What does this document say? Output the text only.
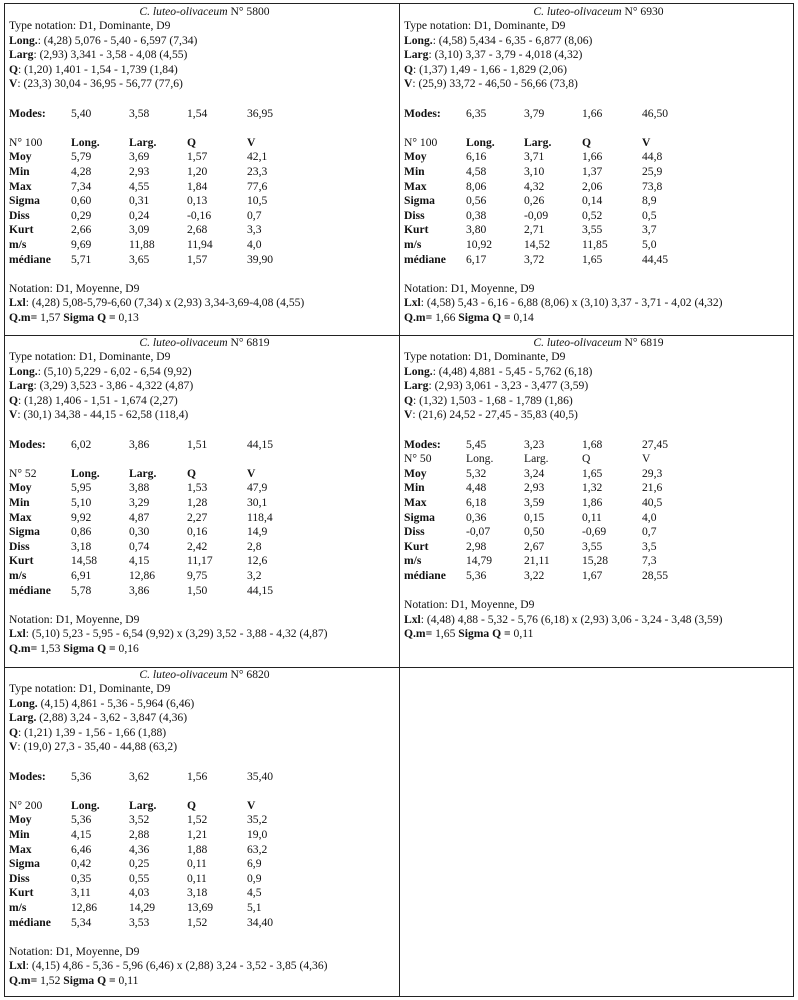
C. luteo-olivaceum N° 5800
Type notation: D1, Dominante, D9
Long.: (4,28) 5,076 - 5,40 - 6,597 (7,34)
Larg: (2,93) 3,341 - 3,58 - 4,08 (4,55)
Q: (1,20) 1,401 - 1,54 - 1,739 (1,84)
V: (23,3) 30,04 - 36,95 - 56,77 (77,6)
Modes: 5,40	3,58	1,54	36,95
N° 100 Long.	Larg.	Q	V
Moy	5,79	3,69	1,57	42,1
Min	4,28	2,93	1,20	23,3
Max	7,34	4,55	1,84	77,6
Sigma	0,60	0,31	0,13	10,5
Diss	0,29	0,24	-0,16	0,7
Kurt	2,66	3,09	2,68	3,3
m/s	9,69	11,88	11,94	4,0
médiane 5,71	3,65	1,57	39,90
Notation: D1, Moyenne, D9
Lxl: (4,28) 5,08-5,79-6,60 (7,34) x (2,93) 3,34-3,69-4,08 (4,55)
Q.m= 1,57 Sigma Q = 0,13
C. luteo-olivaceum N° 6930
Type notation: D1, Dominante, D9
Long.: (4,58) 5,434 - 6,35 - 6,877 (8,06)
Larg: (3,10) 3,37 - 3,79 - 4,018 (4,32)
Q: (1,37) 1,49 - 1,66 - 1,829 (2,06)
V: (25,9) 33,72 - 46,50 - 56,66 (73,8)
Modes: 6,35	3,79	1,66	46,50
N° 100 Long.	Larg.	Q	V
Moy	6,16	3,71	1,66	44,8
Min	4,58	3,10	1,37	25,9
Max	8,06	4,32	2,06	73,8
Sigma	0,56	0,26	0,14	8,9
Diss	0,38	-0,09	0,52	0,5
Kurt	3,80	2,71	3,55	3,7
m/s	10,92	14,52	11,85	5,0
médiane 6,17	3,72	1,65	44,45
Notation: D1, Moyenne, D9
Lxl: (4,58) 5,43 - 6,16 - 6,88 (8,06) x (3,10) 3,37 - 3,71 - 4,02 (4,32)
Q.m= 1,66 Sigma Q = 0,14
C. luteo-olivaceum N° 6819
Type notation: D1, Dominante, D9
Long.: (5,10) 5,229 - 6,02 - 6,54 (9,92)
Larg: (3,29) 3,523 - 3,86 - 4,322 (4,87)
Q: (1,28) 1,406 - 1,51 - 1,674 (2,27)
V: (30,1) 34,38 - 44,15 - 62,58 (118,4)
Modes: 6,02	3,86	1,51	44,15
N° 52	Long.	Larg.	Q	V
Moy	5,95	3,88	1,53	47,9
Min	5,10	3,29	1,28	30,1
Max	9,92	4,87	2,27	118,4
Sigma	0,86	0,30	0,16	14,9
Diss	3,18	0,74	2,42	2,8
Kurt	14,58	4,15	11,17	12,6
m/s	6,91	12,86	9,75	3,2
médiane 5,78	3,86	1,50	44,15
Notation: D1, Moyenne, D9
Lxl: (5,10) 5,23 - 5,95 - 6,54 (9,92) x (3,29) 3,52 - 3,88 - 4,32 (4,87)
Q.m= 1,53 Sigma Q = 0,16
C. luteo-olivaceum N° 6819
Type notation: D1, Dominante, D9
Long.: (4,48) 4,881 - 5,45 - 5,762 (6,18)
Larg: (2,93) 3,061 - 3,23 - 3,477 (3,59)
Q: (1,32) 1,503 - 1,68 - 1,789 (1,86)
V: (21,6) 24,52 - 27,45 - 35,83 (40,5)
Modes: 5,45	3,23	1,68	27,45
N° 50	Long.	Larg.	Q	V
Moy	5,32	3,24	1,65	29,3
Min	4,48	2,93	1,32	21,6
Max	6,18	3,59	1,86	40,5
Sigma	0,36	0,15	0,11	4,0
Diss	-0,07	0,50	-0,69	0,7
Kurt	2,98	2,67	3,55	3,5
m/s	14,79	21,11	15,28	7,3
médiane 5,36	3,22	1,67	28,55
Notation: D1, Moyenne, D9
Lxl: (4,48) 4,88 - 5,32 - 5,76 (6,18) x (2,93) 3,06 - 3,24 - 3,48 (3,59)
Q.m= 1,65 Sigma Q = 0,11
C. luteo-olivaceum N° 6820
Type notation: D1, Dominante, D9
Long. (4,15) 4,861 - 5,36 - 5,964 (6,46)
Larg. (2,88) 3,24 - 3,62 - 3,847 (4,36)
Q: (1,21) 1,39 - 1,56 - 1,66 (1,88)
V: (19,0) 27,3 - 35,40 - 44,88 (63,2)
Modes: 5,36	3,62	1,56	35,40
N° 200 Long.	Larg.	Q	V
Moy	5,36	3,52	1,52	35,2
Min	4,15	2,88	1,21	19,0
Max	6,46	4,36	1,88	63,2
Sigma	0,42	0,25	0,11	6,9
Diss	0,35	0,55	0,11	0,9
Kurt	3,11	4,03	3,18	4,5
m/s	12,86	14,29	13,69	5,1
médiane 5,34	3,53	1,52	34,40
Notation: D1, Moyenne, D9
Lxl: (4,15) 4,86 - 5,36 - 5,96 (6,46) x (2,88) 3,24 - 3,52 - 3,85 (4,36)
Q.m= 1,52 Sigma Q = 0,11
